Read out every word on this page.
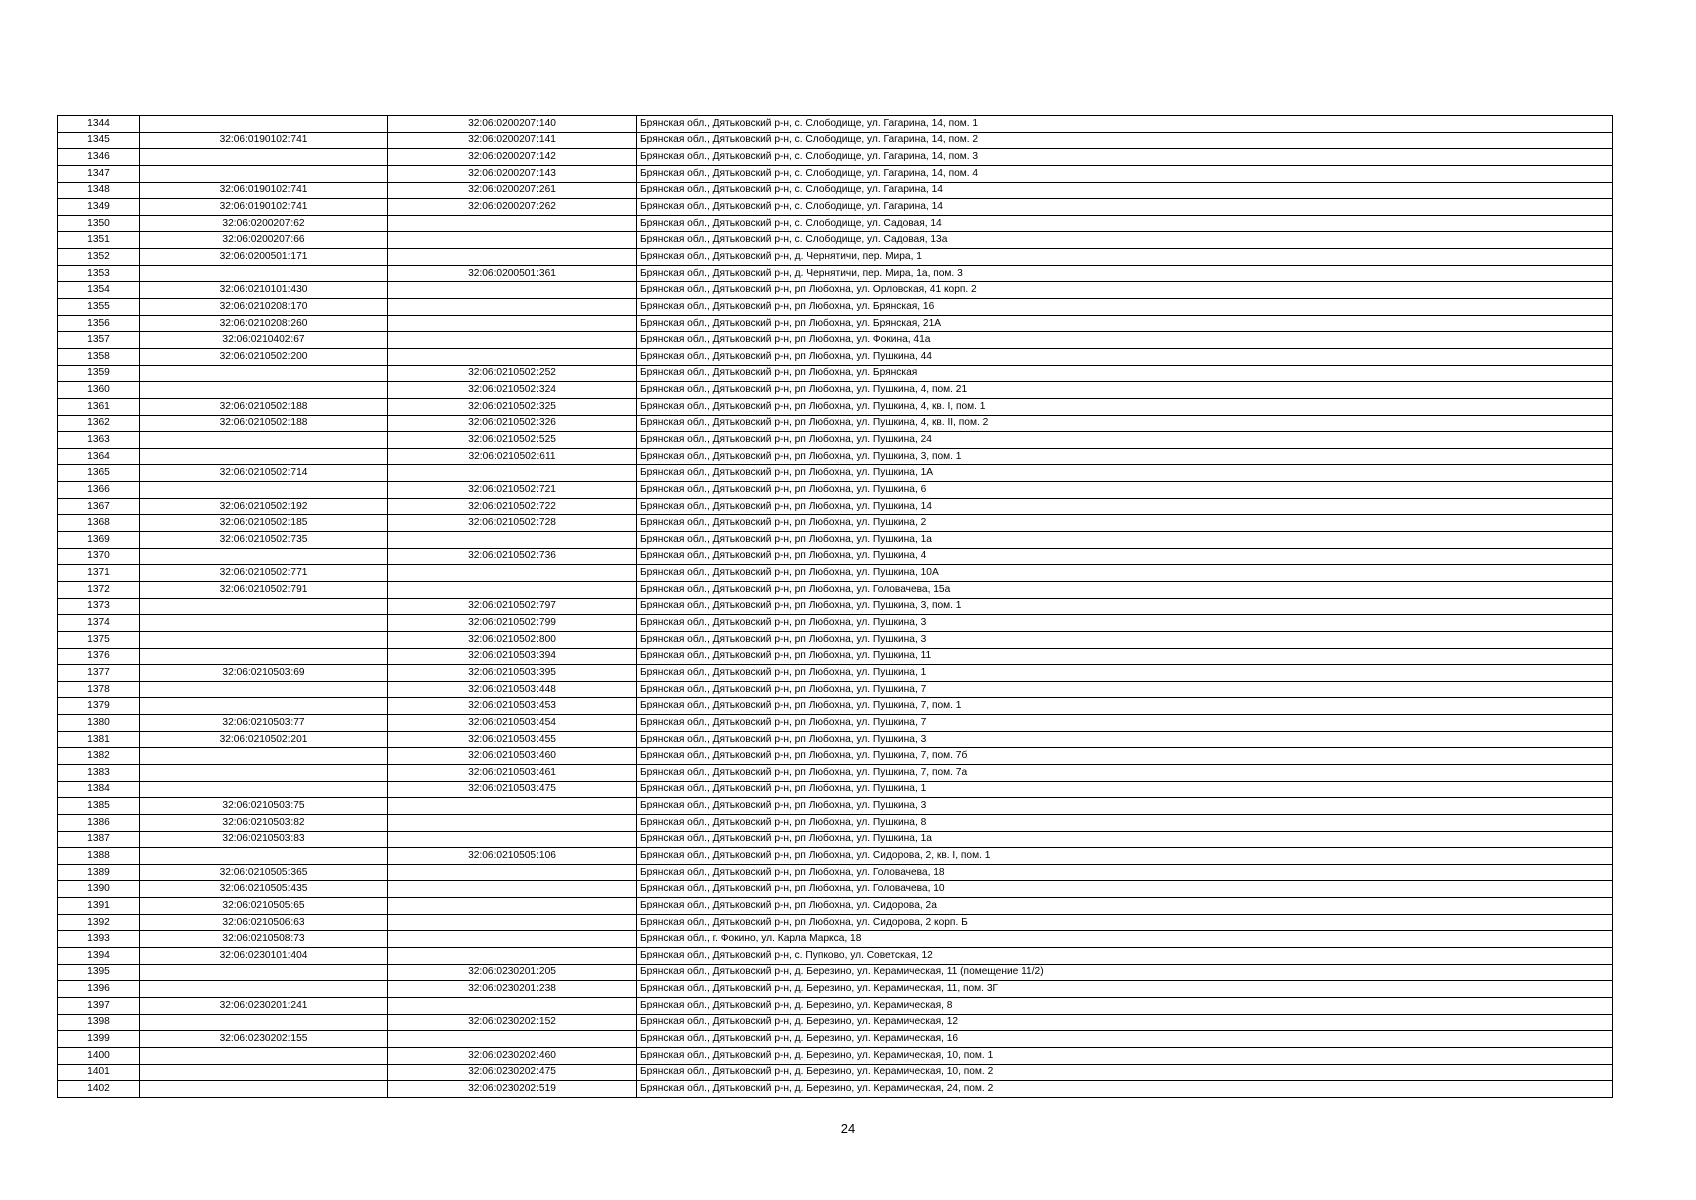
1344		32:06:0200207:140	Брянская обл., Дятьковский р-н, с. Слободище, ул. Гагарина, 14, пом. 1
1345	32:06:0190102:741	32:06:0200207:141	Брянская обл., Дятьковский р-н, с. Слободище, ул. Гагарина, 14, пом. 2
1346		32:06:0200207:142	Брянская обл., Дятьковский р-н, с. Слободище, ул. Гагарина, 14, пом. 3
1347		32:06:0200207:143	Брянская обл., Дятьковский р-н, с. Слободище, ул. Гагарина, 14, пом. 4
1348	32:06:0190102:741	32:06:0200207:261	Брянская обл., Дятьковский р-н, с. Слободище, ул. Гагарина, 14
1349	32:06:0190102:741	32:06:0200207:262	Брянская обл., Дятьковский р-н, с. Слободище, ул. Гагарина, 14
1350	32:06:0200207:62		Брянская обл., Дятьковский р-н, с. Слободище, ул. Садовая, 14
1351	32:06:0200207:66		Брянская обл., Дятьковский р-н, с. Слободище, ул. Садовая, 13а
1352	32:06:0200501:171		Брянская обл., Дятьковский р-н, д. Чернятичи, пер. Мира, 1
1353		32:06:0200501:361	Брянская обл., Дятьковский р-н, д. Чернятичи, пер. Мира, 1а, пом. 3
1354	32:06:0210101:430		Брянская обл., Дятьковский р-н, рп Любохна, ул. Орловская, 41 корп. 2
1355	32:06:0210208:170		Брянская обл., Дятьковский р-н, рп Любохна, ул. Брянская, 16
1356	32:06:0210208:260		Брянская обл., Дятьковский р-н, рп Любохна, ул. Брянская, 21А
1357	32:06:0210402:67		Брянская обл., Дятьковский р-н, рп Любохна, ул. Фокина, 41а
1358	32:06:0210502:200		Брянская обл., Дятьковский р-н, рп Любохна, ул. Пушкина, 44
1359		32:06:0210502:252	Брянская обл., Дятьковский р-н, рп Любохна, ул. Брянская
1360		32:06:0210502:324	Брянская обл., Дятьковский р-н, рп Любохна, ул. Пушкина, 4, пом. 21
1361	32:06:0210502:188	32:06:0210502:325	Брянская обл., Дятьковский р-н, рп Любохна, ул. Пушкина, 4, кв. I, пом. 1
1362	32:06:0210502:188	32:06:0210502:326	Брянская обл., Дятьковский р-н, рп Любохна, ул. Пушкина, 4, кв. II, пом. 2
1363		32:06:0210502:525	Брянская обл., Дятьковский р-н, рп Любохна, ул. Пушкина, 24
1364		32:06:0210502:611	Брянская обл., Дятьковский р-н, рп Любохна, ул. Пушкина, 3, пом. 1
1365	32:06:0210502:714		Брянская обл., Дятьковский р-н, рп Любохна, ул. Пушкина, 1А
1366		32:06:0210502:721	Брянская обл., Дятьковский р-н, рп Любохна, ул. Пушкина, 6
1367	32:06:0210502:192	32:06:0210502:722	Брянская обл., Дятьковский р-н, рп Любохна, ул. Пушкина, 14
1368	32:06:0210502:185	32:06:0210502:728	Брянская обл., Дятьковский р-н, рп Любохна, ул. Пушкина, 2
1369	32:06:0210502:735		Брянская обл., Дятьковский р-н, рп Любохна, ул. Пушкина, 1а
1370		32:06:0210502:736	Брянская обл., Дятьковский р-н, рп Любохна, ул. Пушкина, 4
1371	32:06:0210502:771		Брянская обл., Дятьковский р-н, рп Любохна, ул. Пушкина, 10А
1372	32:06:0210502:791		Брянская обл., Дятьковский р-н, рп Любохна, ул. Головачева, 15а
1373		32:06:0210502:797	Брянская обл., Дятьковский р-н, рп Любохна, ул. Пушкина, 3, пом. 1
1374		32:06:0210502:799	Брянская обл., Дятьковский р-н, рп Любохна, ул. Пушкина, 3
1375		32:06:0210502:800	Брянская обл., Дятьковский р-н, рп Любохна, ул. Пушкина, 3
1376		32:06:0210503:394	Брянская обл., Дятьковский р-н, рп Любохна, ул. Пушкина, 11
1377	32:06:0210503:69	32:06:0210503:395	Брянская обл., Дятьковский р-н, рп Любохна, ул. Пушкина, 1
1378		32:06:0210503:448	Брянская обл., Дятьковский р-н, рп Любохна, ул. Пушкина, 7
1379		32:06:0210503:453	Брянская обл., Дятьковский р-н, рп Любохна, ул. Пушкина, 7, пом. 1
1380	32:06:0210503:77	32:06:0210503:454	Брянская обл., Дятьковский р-н, рп Любохна, ул. Пушкина, 7
1381	32:06:0210502:201	32:06:0210503:455	Брянская обл., Дятьковский р-н, рп Любохна, ул. Пушкина, 3
1382		32:06:0210503:460	Брянская обл., Дятьковский р-н, рп Любохна, ул. Пушкина, 7, пом. 7б
1383		32:06:0210503:461	Брянская обл., Дятьковский р-н, рп Любохна, ул. Пушкина, 7, пом. 7а
1384		32:06:0210503:475	Брянская обл., Дятьковский р-н, рп Любохна, ул. Пушкина, 1
1385	32:06:0210503:75		Брянская обл., Дятьковский р-н, рп Любохна, ул. Пушкина, 3
1386	32:06:0210503:82		Брянская обл., Дятьковский р-н, рп Любохна, ул. Пушкина, 8
1387	32:06:0210503:83		Брянская обл., Дятьковский р-н, рп Любохна, ул. Пушкина, 1а
1388		32:06:0210505:106	Брянская обл., Дятьковский р-н, рп Любохна, ул. Сидорова, 2, кв. I, пом. 1
1389	32:06:0210505:365		Брянская обл., Дятьковский р-н, рп Любохна, ул. Головачева, 18
1390	32:06:0210505:435		Брянская обл., Дятьковский р-н, рп Любохна, ул. Головачева, 10
1391	32:06:0210505:65		Брянская обл., Дятьковский р-н, рп Любохна, ул. Сидорова, 2а
1392	32:06:0210506:63		Брянская обл., Дятьковский р-н, рп Любохна, ул. Сидорова, 2 корп. Б
1393	32:06:0210508:73		Брянская обл., г. Фокино, ул. Карла Маркса, 18
1394	32:06:0230101:404		Брянская обл., Дятьковский р-н, с. Пупково, ул. Советская, 12
1395		32:06:0230201:205	Брянская обл., Дятьковский р-н, д. Березино, ул. Керамическая, 11 (помещение 11/2)
1396		32:06:0230201:238	Брянская обл., Дятьковский р-н, д. Березино, ул. Керамическая, 11, пом. 3Г
1397	32:06:0230201:241		Брянская обл., Дятьковский р-н, д. Березино, ул. Керамическая, 8
1398		32:06:0230202:152	Брянская обл., Дятьковский р-н, д. Березино, ул. Керамическая, 12
1399	32:06:0230202:155		Брянская обл., Дятьковский р-н, д. Березино, ул. Керамическая, 16
1400		32:06:0230202:460	Брянская обл., Дятьковский р-н, д. Березино, ул. Керамическая, 10, пом. 1
1401		32:06:0230202:475	Брянская обл., Дятьковский р-н, д. Березино, ул. Керамическая, 10, пом. 2
1402		32:06:0230202:519	Брянская обл., Дятьковский р-н, д. Березино, ул. Керамическая, 24, пом. 2
24
